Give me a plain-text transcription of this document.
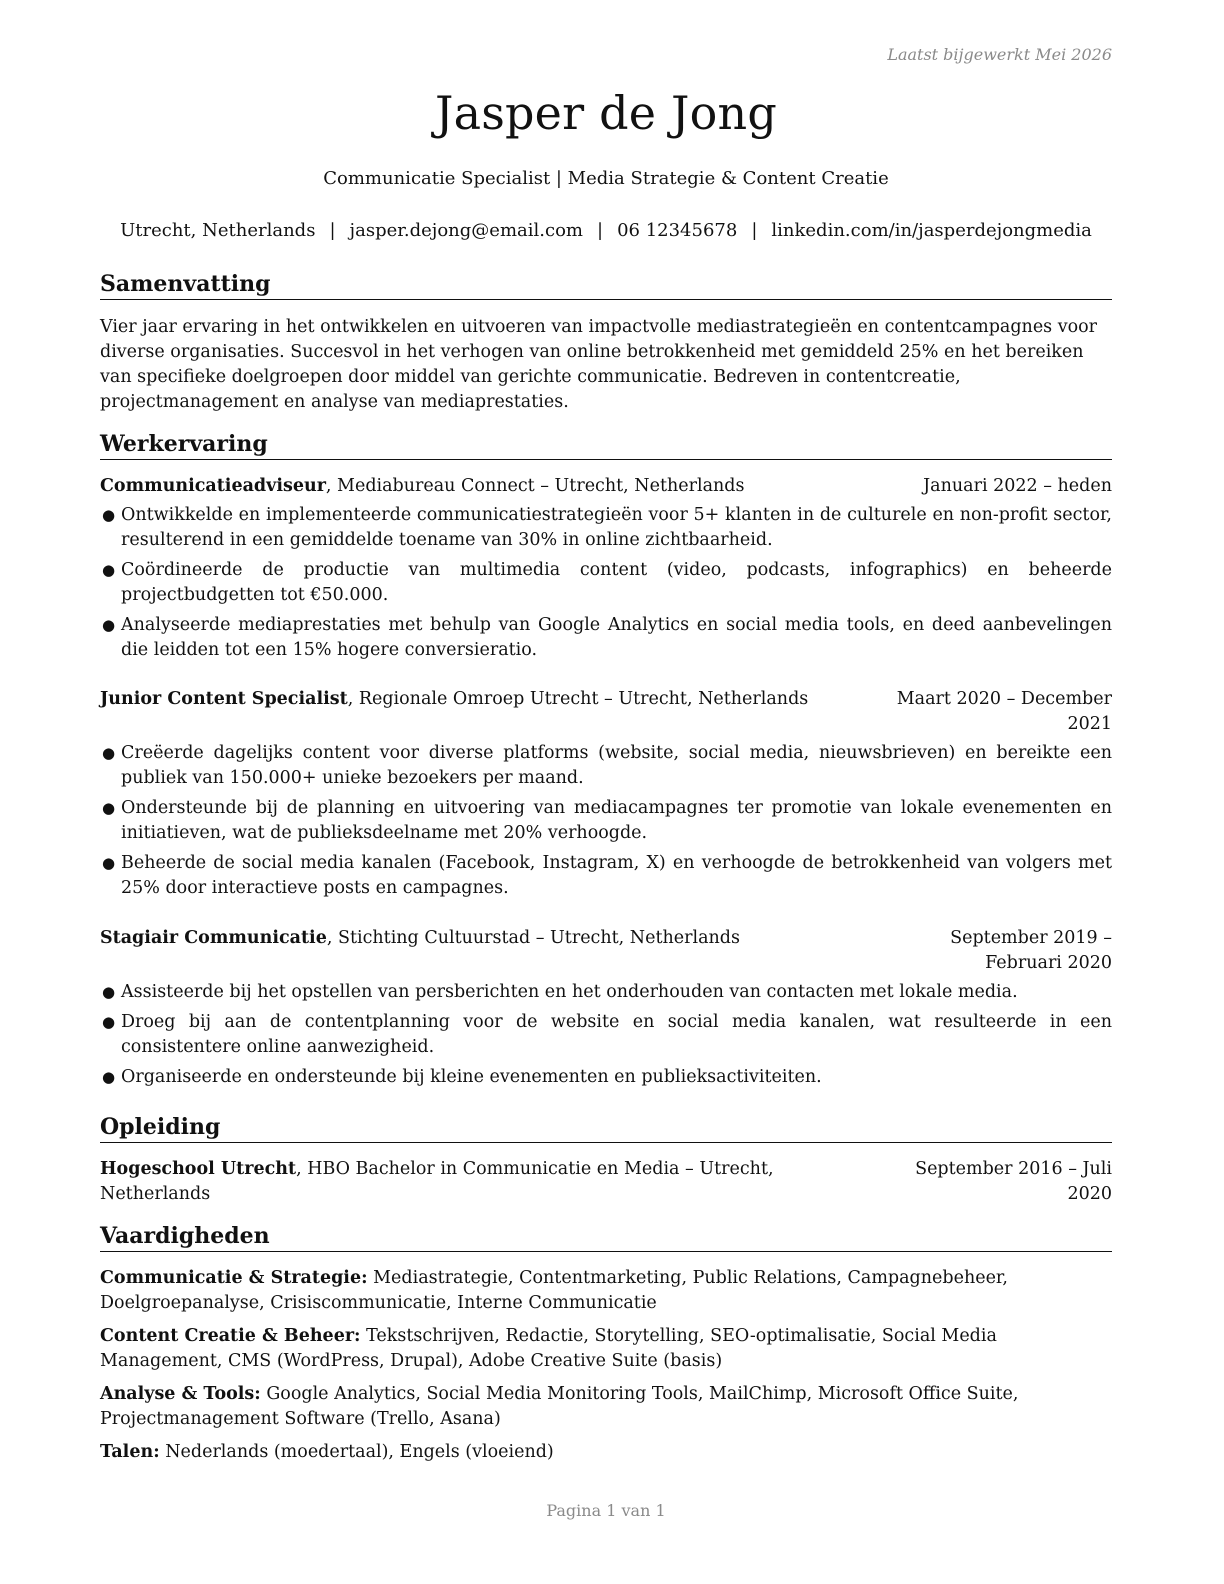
Laatst bijgewerkt Mei 2026
Jasper de Jong
Communicatie Specialist | Media Strategie & Content Creatie
Utrecht, Netherlands | jasper.dejong@email.com | 06 12345678 | linkedin.com/in/jasperdejongmedia
Samenvatting
Vier jaar ervaring in het ontwikkelen en uitvoeren van impactvolle mediastrategieën en contentcampagnes voor diverse organisaties. Succesvol in het verhogen van online betrokkenheid met gemiddeld 25% en het bereiken van specifieke doelgroepen door middel van gerichte communicatie. Bedreven in contentcreatie, projectmanagement en analyse van mediaprestaties.
Werkervaring
Communicatieadviseur, Mediabureau Connect – Utrecht, Netherlands	Januari 2022 – heden
● Ontwikkelde en implementeerde communicatiestrategieën voor 5+ klanten in de culturele en non-profit sector, resulterend in een gemiddelde toename van 30% in online zichtbaarheid.
● Coördineerde de productie van multimedia content (video, podcasts, infographics) en beheerde projectbudgetten tot €50.000.
● Analyseerde mediaprestaties met behulp van Google Analytics en social media tools, en deed aanbevelingen die leidden tot een 15% hogere conversieratio.
Junior Content Specialist, Regionale Omroep Utrecht – Utrecht, Netherlands	Maart 2020 – December 2021
● Creëerde dagelijks content voor diverse platforms (website, social media, nieuwsbrieven) en bereikte een publiek van 150.000+ unieke bezoekers per maand.
● Ondersteunde bij de planning en uitvoering van mediacampagnes ter promotie van lokale evenementen en initiatieven, wat de publieksdeelname met 20% verhoogde.
● Beheerde de social media kanalen (Facebook, Instagram, X) en verhoogde de betrokkenheid van volgers met 25% door interactieve posts en campagnes.
Stagiair Communicatie, Stichting Cultuurstad – Utrecht, Netherlands	September 2019 – Februari 2020
● Assisteerde bij het opstellen van persberichten en het onderhouden van contacten met lokale media.
● Droeg bij aan de contentplanning voor de website en social media kanalen, wat resulteerde in een consistentere online aanwezigheid.
● Organiseerde en ondersteunde bij kleine evenementen en publieksactiviteiten.
Opleiding
Hogeschool Utrecht, HBO Bachelor in Communicatie en Media – Utrecht, Netherlands
September 2016 – Juli 2020
Vaardigheden
Communicatie & Strategie: Mediastrategie, Contentmarketing, Public Relations, Campagnebeheer, Doelgroepanalyse, Crisiscommunicatie, Interne Communicatie
Content Creatie & Beheer: Tekstschrijven, Redactie, Storytelling, SEO-optimalisatie, Social Media Management, CMS (WordPress, Drupal), Adobe Creative Suite (basis)
Analyse & Tools: Google Analytics, Social Media Monitoring Tools, MailChimp, Microsoft Office Suite, Projectmanagement Software (Trello, Asana)
Talen: Nederlands (moedertaal), Engels (vloeiend)
Pagina 1 van 1
